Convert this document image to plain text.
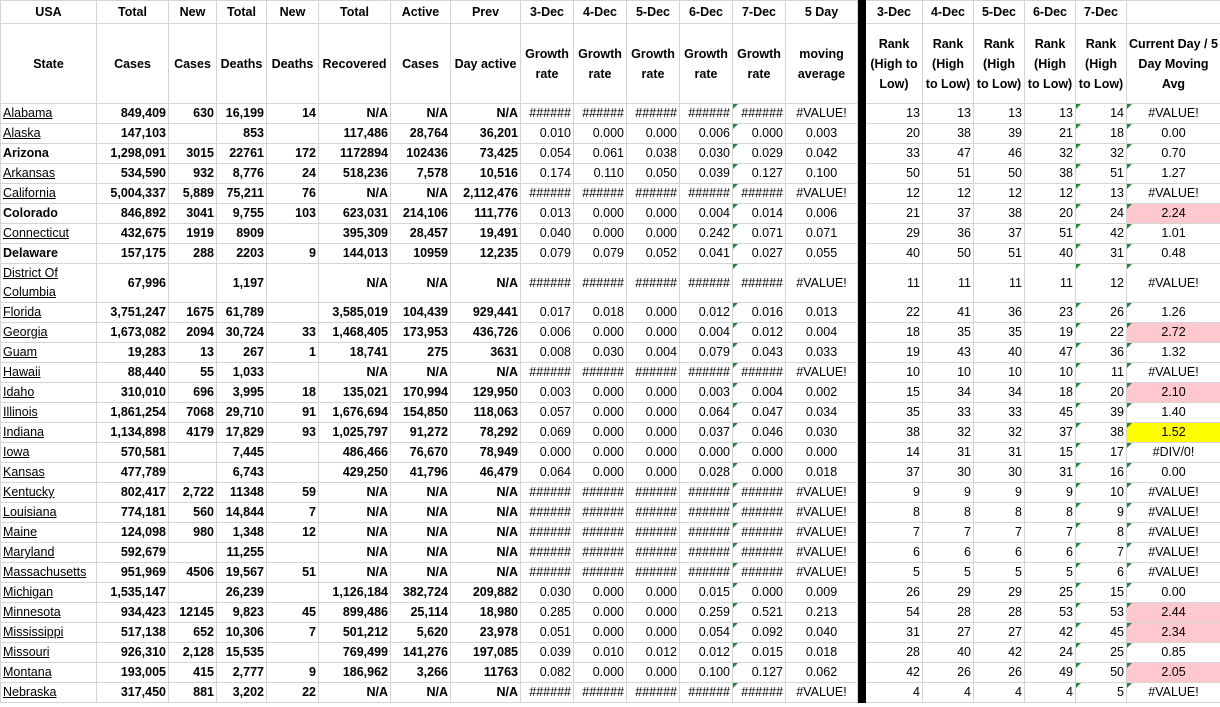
USA	Total	New	Total	New	Total	Active	Prev	3-Dec	4-Dec	5-Dec	6-Dec	7-Dec	5 Day		3-Dec	4-Dec	5-Dec	6-Dec	7-Dec	
State	Cases	Cases	Deaths	Deaths	Recovered	Cases	Day active	Growth rate	Growth rate	Growth rate	Growth rate	Growth rate	moving average		Rank (High to Low)	Rank (High to Low)	Rank (High to Low)	Rank (High to Low)	Rank (High to Low)	Current Day / 5 Day Moving Avg
Alabama	849,409	630	16,199	14	N/A	N/A	N/A	######	######	######	######	######	#VALUE!		13	13	13	13	14	#VALUE!
Alaska	147,103		853		117,486	28,764	36,201	0.010	0.000	0.000	0.006	0.000	0.003		20	38	39	21	18	0.00
Arizona	1,298,091	3015	22761	172	1172894	102436	73,425	0.054	0.061	0.038	0.030	0.029	0.042		33	47	46	32	32	0.70
Arkansas	534,590	932	8,776	24	518,236	7,578	10,516	0.174	0.110	0.050	0.039	0.127	0.100		50	51	50	38	51	1.27
California	5,004,337	5,889	75,211	76	N/A	N/A	2,112,476	######	######	######	######	######	#VALUE!		12	12	12	12	13	#VALUE!
Colorado	846,892	3041	9,755	103	623,031	214,106	111,776	0.013	0.000	0.000	0.004	0.014	0.006		21	37	38	20	24	2.24
Connecticut	432,675	1919	8909		395,309	28,457	19,491	0.040	0.000	0.000	0.242	0.071	0.071		29	36	37	51	42	1.01
Delaware	157,175	288	2203	9	144,013	10959	12,235	0.079	0.079	0.052	0.041	0.027	0.055		40	50	51	40	31	0.48
District Of Columbia	67,996		1,197		N/A	N/A	N/A	######	######	######	######	######	#VALUE!		11	11	11	11	12	#VALUE!
Florida	3,751,247	1675	61,789		3,585,019	104,439	929,441	0.017	0.018	0.000	0.012	0.016	0.013		22	41	36	23	26	1.26
Georgia	1,673,082	2094	30,724	33	1,468,405	173,953	436,726	0.006	0.000	0.000	0.004	0.012	0.004		18	35	35	19	22	2.72
Guam	19,283	13	267	1	18,741	275	3631	0.008	0.030	0.004	0.079	0.043	0.033		19	43	40	47	36	1.32
Hawaii	88,440	55	1,033		N/A	N/A	N/A	######	######	######	######	######	#VALUE!		10	10	10	10	11	#VALUE!
Idaho	310,010	696	3,995	18	135,021	170,994	129,950	0.003	0.000	0.000	0.003	0.004	0.002		15	34	34	18	20	2.10
Illinois	1,861,254	7068	29,710	91	1,676,694	154,850	118,063	0.057	0.000	0.000	0.064	0.047	0.034		35	33	33	45	39	1.40
Indiana	1,134,898	4179	17,829	93	1,025,797	91,272	78,292	0.069	0.000	0.000	0.037	0.046	0.030		38	32	32	37	38	1.52
Iowa	570,581		7,445		486,466	76,670	78,949	0.000	0.000	0.000	0.000	0.000	0.000		14	31	31	15	17	#DIV/0!
Kansas	477,789		6,743		429,250	41,796	46,479	0.064	0.000	0.000	0.028	0.000	0.018		37	30	30	31	16	0.00
Kentucky	802,417	2,722	11348	59	N/A	N/A	N/A	######	######	######	######	######	#VALUE!		9	9	9	9	10	#VALUE!
Louisiana	774,181	560	14,844	7	N/A	N/A	N/A	######	######	######	######	######	#VALUE!		8	8	8	8	9	#VALUE!
Maine	124,098	980	1,348	12	N/A	N/A	N/A	######	######	######	######	######	#VALUE!		7	7	7	7	8	#VALUE!
Maryland	592,679		11,255		N/A	N/A	N/A	######	######	######	######	######	#VALUE!		6	6	6	6	7	#VALUE!
Massachusetts	951,969	4506	19,567	51	N/A	N/A	N/A	######	######	######	######	######	#VALUE!		5	5	5	5	6	#VALUE!
Michigan	1,535,147		26,239		1,126,184	382,724	209,882	0.030	0.000	0.000	0.015	0.000	0.009		26	29	29	25	15	0.00
Minnesota	934,423	12145	9,823	45	899,486	25,114	18,980	0.285	0.000	0.000	0.259	0.521	0.213		54	28	28	53	53	2.44
Mississippi	517,138	652	10,306	7	501,212	5,620	23,978	0.051	0.000	0.000	0.054	0.092	0.040		31	27	27	42	45	2.34
Missouri	926,310	2,128	15,535		769,499	141,276	197,085	0.039	0.010	0.012	0.012	0.015	0.018		28	40	42	24	25	0.85
Montana	193,005	415	2,777	9	186,962	3,266	11763	0.082	0.000	0.000	0.100	0.127	0.062		42	26	26	49	50	2.05
Nebraska	317,450	881	3,202	22	N/A	N/A	N/A	######	######	######	######	######	#VALUE!		4	4	4	4	5	#VALUE!
